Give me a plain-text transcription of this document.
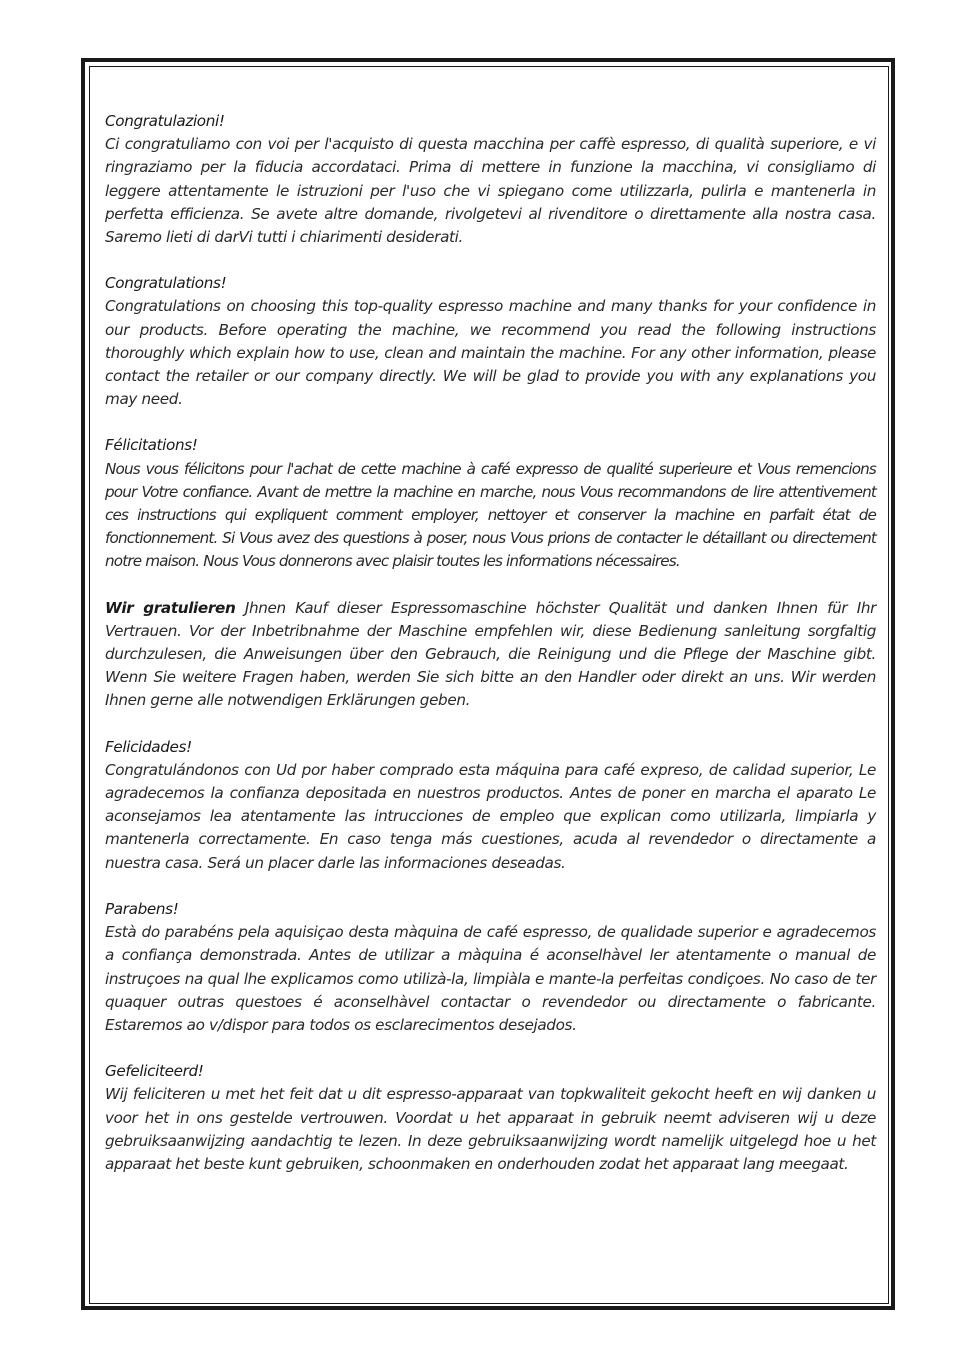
Congratulazioni!

Ci congratuliamo con voi per l'acquisto di questa macchina per caffè espresso, di qualità superiore, e vi ringraziamo per la fiducia accordataci. Prima di mettere in funzione la macchina, vi consigliamo di leggere attentamente le istruzioni per l'uso che vi spiegano come utilizzarla, pulirla e mantenerla in perfetta efficienza. Se avete altre domande, rivolgetevi al rivenditore o direttamente alla nostra casa. Saremo lieti di darVi tutti i chiarimenti desiderati.

Congratulations!

Congratulations on choosing this top-quality espresso machine and many thanks for your confidence in our products. Before operating the machine, we recommend you read the following instructions thoroughly which explain how to use, clean and maintain the machine. For any other information, please contact the retailer or our company directly. We will be glad to provide you with any explanations you may need.

Félicitations!

Nous vous félicitons pour l'achat de cette machine à café expresso de qualité superieure et Vous remencions pour Votre confiance. Avant de mettre la machine en marche, nous Vous recommandons de lire attentivement ces instructions qui expliquent comment employer, nettoyer et conserver la machine en parfait état de fonctionnement. Si Vous avez des questions à poser, nous Vous prions de contacter le détaillant ou directement notre maison. Nous Vous donnerons avec plaisir toutes les informations nécessaires.

Wir gratulieren Jhnen Kauf dieser Espressomaschine höchster Qualität und danken Ihnen für Ihr Vertrauen. Vor der Inbetribnahme der Maschine empfehlen wir, diese Bedienung sanleitung sorgfaltig durchzulesen, die Anweisungen über den Gebrauch, die Reinigung und die Pflege der Maschine gibt. Wenn Sie weitere Fragen haben, werden Sie sich bitte an den Handler oder direkt an uns. Wir werden Ihnen gerne alle notwendigen Erklärungen geben.

Felicidades!

Congratulándonos con Ud por haber comprado esta máquina para café expreso, de calidad superior, Le agradecemos la confianza depositada en nuestros productos. Antes de poner en marcha el aparato Le aconsejamos lea atentamente las intrucciones de empleo que explican como utilizarla, limpiarla y mantenerla correctamente. En caso tenga más cuestiones, acuda al revendedor o directamente a nuestra casa. Será un placer darle las informaciones deseadas.

Parabens!

Està do parabéns pela aquisiçao desta màquina de café espresso, de qualidade superior e agradecemos a confiança demonstrada. Antes de utilizar a màquina é aconselhàvel ler atentamente o manual de instruçoes na qual lhe explicamos como utilizà-la, limpiàla e mante-la perfeitas condiçoes. No caso de ter quaquer outras questoes é aconselhàvel contactar o revendedor ou directamente o fabricante. Estaremos ao v/dispor para todos os esclarecimentos desejados.

Gefeliciteerd!

Wij feliciteren u met het feit dat u dit espresso-apparaat van topkwaliteit gekocht heeft en wij danken u voor het in ons gestelde vertrouwen. Voordat u het apparaat in gebruik neemt adviseren wij u deze gebruiksaanwijzing aandachtig te lezen. In deze gebruiksaanwijzing wordt namelijk uitgelegd hoe u het apparaat het beste kunt gebruiken, schoonmaken en onderhouden zodat het apparaat lang meegaat.
